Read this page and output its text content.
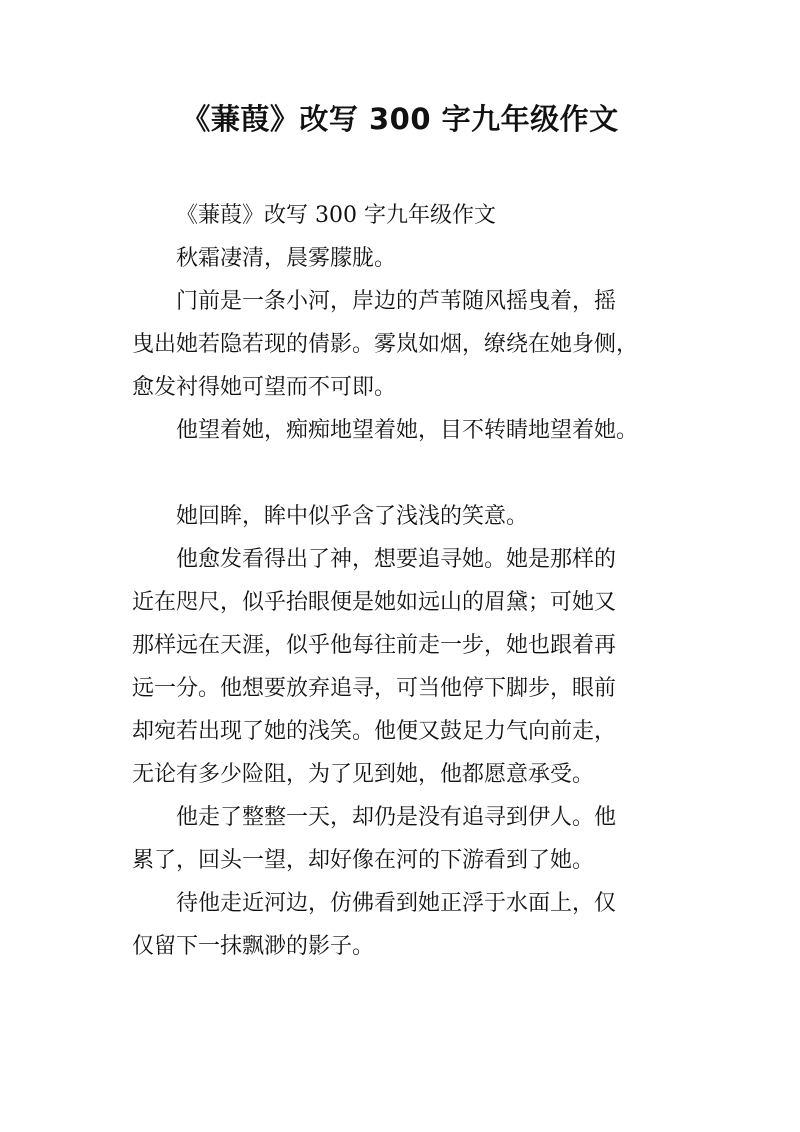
《蒹葭》改写 300 字九年级作文

《蒹葭》改写 300 字九年级作文

秋霜凄清，晨雾朦胧。

门前是一条小河，岸边的芦苇随风摇曳着，摇
曳出她若隐若现的倩影。雾岚如烟，缭绕在她身侧，
愈发衬得她可望而不可即。

他望着她，痴痴地望着她，目不转睛地望着她。

她回眸，眸中似乎含了浅浅的笑意。

他愈发看得出了神，想要追寻她。她是那样的
近在咫尺，似乎抬眼便是她如远山的眉黛；可她又
那样远在天涯，似乎他每往前走一步，她也跟着再
远一分。他想要放弃追寻，可当他停下脚步，眼前
却宛若出现了她的浅笑。他便又鼓足力气向前走，
无论有多少险阻，为了见到她，他都愿意承受。

他走了整整一天，却仍是没有追寻到伊人。他
累了，回头一望，却好像在河的下游看到了她。

待他走近河边，仿佛看到她正浮于水面上，仅
仅留下一抹飘渺的影子。
